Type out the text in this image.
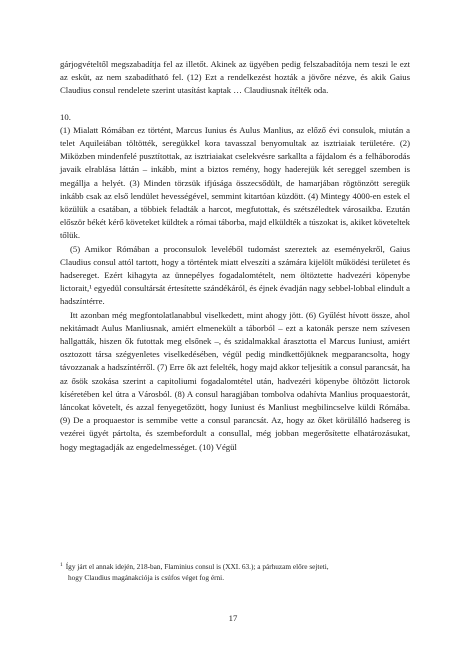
gárjogvételtől megszabadítja fel az illetőt. Akinek az ügyében pedig felszabadítója nem teszi le ezt az esküt, az nem szabadítható fel. (12) Ezt a rendelkezést hozták a jövőre nézve, és akik Gaius Claudius consul rendelete szerint utasítást kaptak … Claudiusnak ítélték oda.

10.

(1) Mialatt Rómában ez történt, Marcus Iunius és Aulus Manlius, az előző évi consulok, miután a telet Aquileiában töltötték, seregükkel kora tavasszal benyomultak az isztriaiak területére. (2) Miközben mindenfelé pusztítottak, az isztriaiakat cselekvésre sarkallta a fájdalom és a felháborodás javaik elrablása láttán – inkább, mint a biztos remény, hogy haderejük két sereggel szemben is megállja a helyét. (3) Minden törzsük ifjúsága összecsődült, de hamarjában rögtönzött seregük inkább csak az első lendület hevességével, semmint kitartóan küzdött. (4) Mintegy 4000-en estek el közülük a csatában, a többiek feladták a harcot, megfutottak, és szétszéledtek városaikba. Ezután először békét kérő követeket küldtek a római táborba, majd elküldték a túszokat is, akiket követeltek tőlük.

(5) Amikor Rómában a proconsulok leveléből tudomást szereztek az eseményekről, Gaius Claudius consul attól tartott, hogy a történtek miatt elveszíti a számára kijelölt működési területet és hadsereget. Ezért kihagyta az ünnepélyes fogadalomtételt, nem öltöztette hadvezéri köpenybe lictorait,¹ egyedül consultársát értesítette szándékáról, és éjnek évadján nagy sebbel-lobbal elindult a hadszíntérre.

Itt azonban még megfontolatlanabbul viselkedett, mint ahogy jött. (6) Gyűlést hívott össze, ahol nekitámadt Aulus Manliusnak, amiért elmenekült a táborból – ezt a katonák persze nem szívesen hallgatták, hiszen ők futottak meg elsőnek –, és szidalmakkal árasztotta el Marcus Iuniust, amiért osztozott társa szégyenletes viselkedésében, végül pedig mindkettőjüknek megparancsolta, hogy távozzanak a hadszíntérről. (7) Erre ők azt felelték, hogy majd akkor teljesítik a consul parancsát, ha az ősök szokása szerint a capitoliumi fogadalomtétel után, hadvezéri köpenybe öltözött lictorok kíséretében kel útra a Városból. (8) A consul haragjában tombolva odahívta Manlius proquaestorát, láncokat követelt, és azzal fenyegetőzött, hogy Iuniust és Manliust megbilincselve küldi Rómába. (9) De a proquaestor is semmibe vette a consul parancsát. Az, hogy az őket körülálló hadsereg is vezérei ügyét pártolta, és szembefordult a consullal, még jobban megerősítette elhatározásukat, hogy megtagadják az engedelmességet. (10) Végül

$^1$ Így járt el annak idején, 218-ban, Flaminius consul is (XXI. 63.); a párhuzam előre sejteti,
hogy Claudius magánakciója is csúfos véget fog érni.
17
